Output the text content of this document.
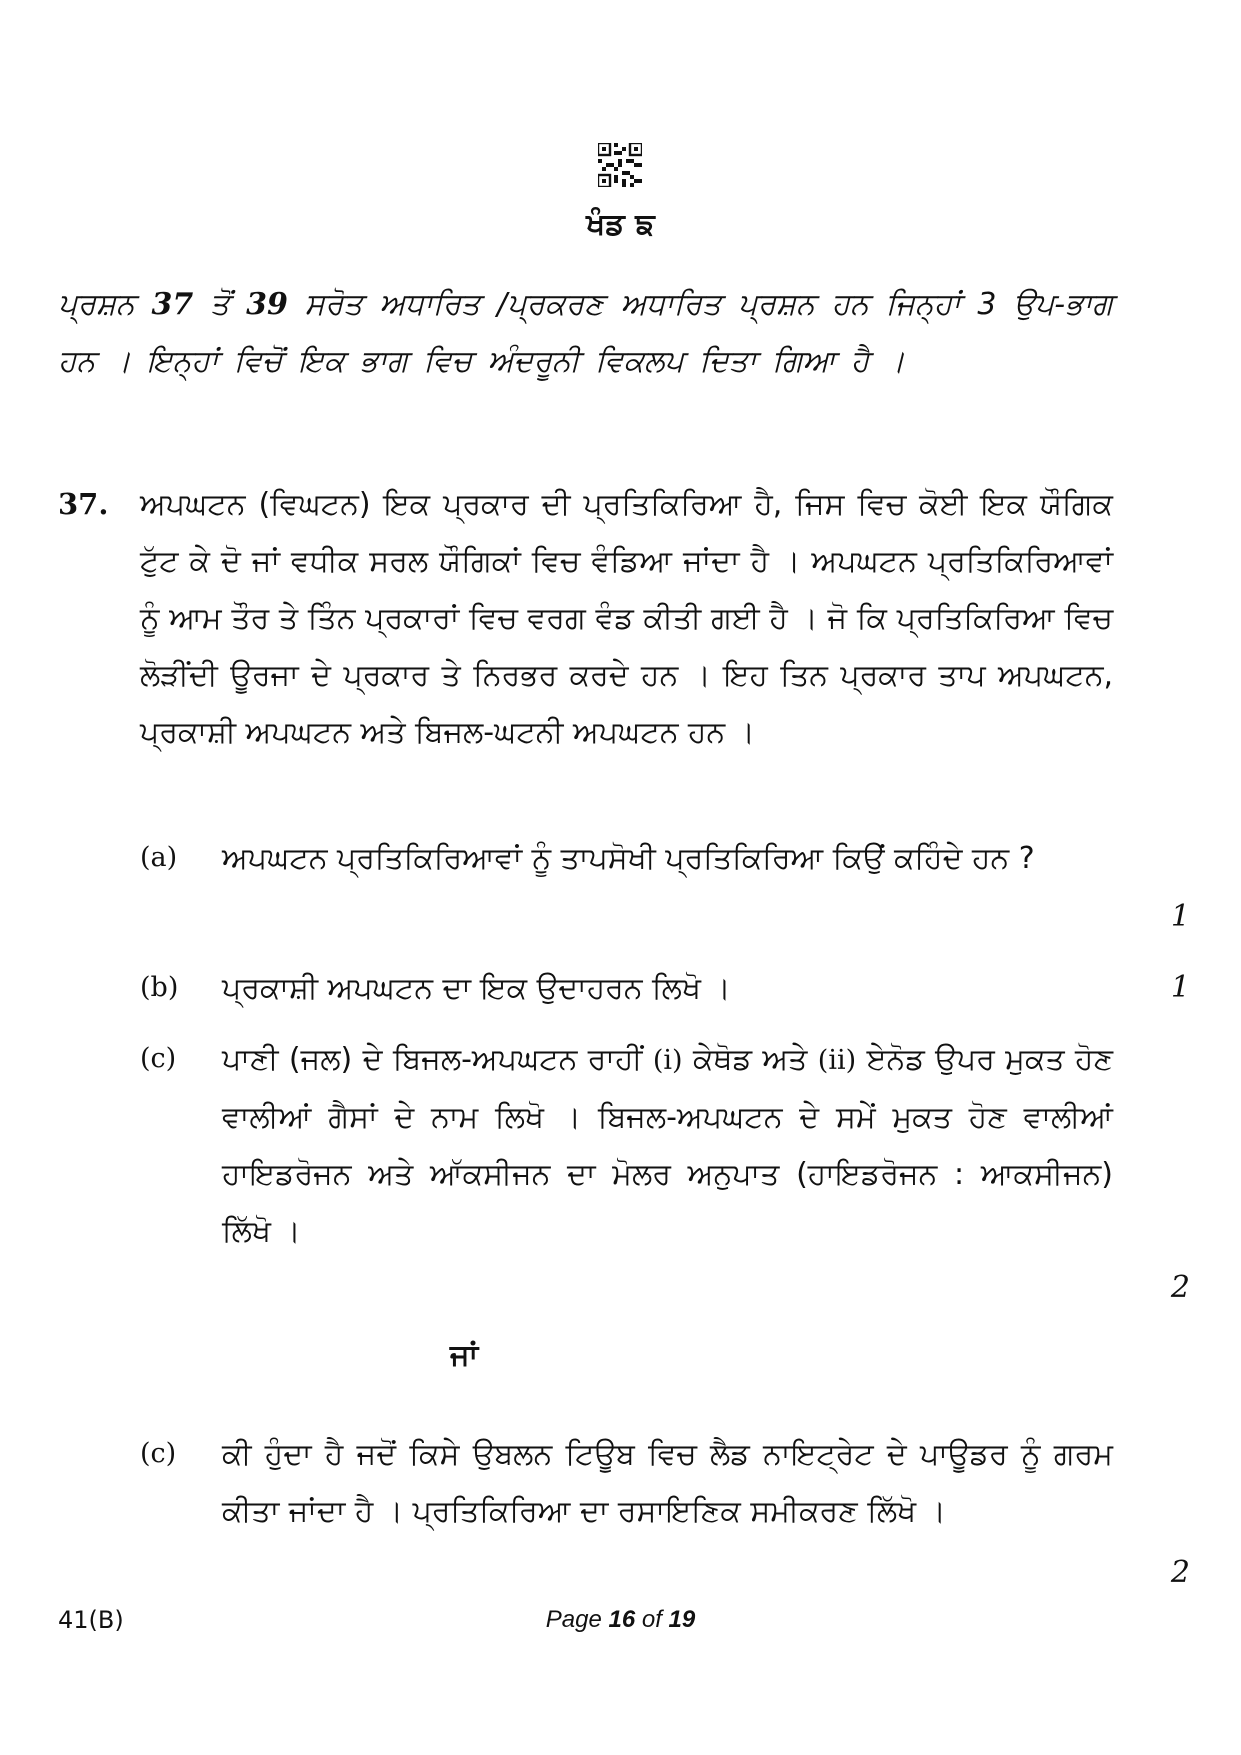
ਖੰਡ ਙ
ਪ੍ਰਸ਼ਨ 37 ਤੋਂ 39 ਸਰੋਤ ਅਧਾਰਿਤ /ਪ੍ਰਕਰਣ ਅਧਾਰਿਤ ਪ੍ਰਸ਼ਨ ਹਨ ਜਿਨ੍ਹਾਂ 3 ਉਪ-ਭਾਗ ਹਨ । ਇਨ੍ਹਾਂ ਵਿਚੋਂ ਇਕ ਭਾਗ ਵਿਚ ਅੰਦਰੂਨੀ ਵਿਕਲਪ ਦਿਤਾ ਗਿਆ ਹੈ ।
37. ਅਪਘਟਨ (ਵਿਘਟਨ) ਇਕ ਪ੍ਰਕਾਰ ਦੀ ਪ੍ਰਤਿਕਿਰਿਆ ਹੈ, ਜਿਸ ਵਿਚ ਕੋਈ ਇਕ ਯੌਗਿਕ ਟੁੱਟ ਕੇ ਦੋ ਜਾਂ ਵਧੀਕ ਸਰਲ ਯੌਗਿਕਾਂ ਵਿਚ ਵੰਡਿਆ ਜਾਂਦਾ ਹੈ । ਅਪਘਟਨ ਪ੍ਰਤਿਕਿਰਿਆਵਾਂ ਨੂੰ ਆਮ ਤੌਰ ਤੇ ਤਿੰਨ ਪ੍ਰਕਾਰਾਂ ਵਿਚ ਵਰਗ ਵੰਡ ਕੀਤੀ ਗਈ ਹੈ । ਜੋ ਕਿ ਪ੍ਰਤਿਕਿਰਿਆ ਵਿਚ ਲੋੜੀਂਦੀ ਊਰਜਾ ਦੇ ਪ੍ਰਕਾਰ ਤੇ ਨਿਰਭਰ ਕਰਦੇ ਹਨ । ਇਹ ਤਿਨ ਪ੍ਰਕਾਰ ਤਾਪ ਅਪਘਟਨ, ਪ੍ਰਕਾਸ਼ੀ ਅਪਘਟਨ ਅਤੇ ਬਿਜਲ-ਘਟਨੀ ਅਪਘਟਨ ਹਨ ।
(a) ਅਪਘਟਨ ਪ੍ਰਤਿਕਿਰਿਆਵਾਂ ਨੂੰ ਤਾਪਸੋਖੀ ਪ੍ਰਤਿਕਿਰਿਆ ਕਿਉਂ ਕਹਿੰਦੇ ਹਨ ?
1
(b) ਪ੍ਰਕਾਸ਼ੀ ਅਪਘਟਨ ਦਾ ਇਕ ਉਦਾਹਰਨ ਲਿਖੋ ।	1
(c) ਪਾਣੀ (ਜਲ) ਦੇ ਬਿਜਲ-ਅਪਘਟਨ ਰਾਹੀਂ (i) ਕੇਥੋਡ ਅਤੇ (ii) ਏਨੋਡ ਉਪਰ ਮੁਕਤ ਹੋਣ ਵਾਲੀਆਂ ਗੈਸਾਂ ਦੇ ਨਾਮ ਲਿਖੋ । ਬਿਜਲ-ਅਪਘਟਨ ਦੇ ਸਮੇਂ ਮੁਕਤ ਹੋਣ ਵਾਲੀਆਂ ਹਾਇਡਰੋਜਨ ਅਤੇ ਆੱਕਸੀਜਨ ਦਾ ਮੋਲਰ ਅਨੁਪਾਤ (ਹਾਇਡਰੋਜਨ : ਆਕਸੀਜਨ) ਲਿੱਖੋ ।
2
ਜਾਂ
(c) ਕੀ ਹੁੰਦਾ ਹੈ ਜਦੋਂ ਕਿਸੇ ਉਬਲਨ ਟਿਊਬ ਵਿਚ ਲੈਡ ਨਾਇਟ੍ਰੇਟ ਦੇ ਪਾਊਡਰ ਨੂੰ ਗਰਮ ਕੀਤਾ ਜਾਂਦਾ ਹੈ । ਪ੍ਰਤਿਕਿਰਿਆ ਦਾ ਰਸਾਇਣਿਕ ਸਮੀਕਰਣ ਲਿੱਖੋ ।
2
41(B)	Page 16 of 19
